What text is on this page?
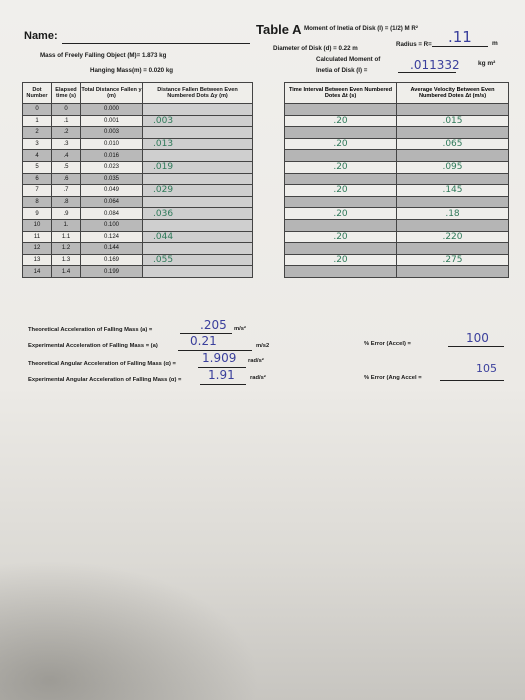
Name:	Table A Moment of Inetia of Disk (I) = (1/2) M R²
Mass of Freely Falling Object (M)= 1.873 kg
Hanging Mass(m) = 0.020 kg
Diameter of Disk (d) = 0.22 m
Radius = R= .11	m
Calculated Moment of
Inetia of Disk (I) =	.011332	kg m²
Dot Number	Elapsed time (s)	Total Distance Fallen y (m)	Distance Fallen Between Even Numbered Dots Δy (m)	
0	0	0.000		
1	.1	0.001	.003	
2	.2	0.003		
3	.3	0.010	.013	
4	.4	0.016		
5	.5	0.023	.019	
6	.6	0.035		
7	.7	0.049	.029	
8	.8	0.064		
9	.9	0.084	.036	
10	1.	0.100		
11	1.1	0.124	.044	
12	1.2	0.144		
13	1.3	0.169	.055	
14	1.4	0.199		
Time Interval Between Even Numbered Dotes Δt (s)	Average Velocity Between Even Numbered Dotes Δt (m/s)

.20	.015

.20	.065

.20	.095

.20	.145

.20	.18

.20	.220

.20	.275

Theoretical Acceleration of Falling Mass (a) =	.205 m/s²
Experimental Acceleration of Falling Mass = (a)	0.21	m/s2
Theoretical Angular Acceleration of Falling Mass (α) = 1.909 rad/s²
Experimental Angular Acceleration of Falling Mass (α) = 1.91	rad/s²
% Error (Accel) =	100
% Error (Ang Accel =
105
